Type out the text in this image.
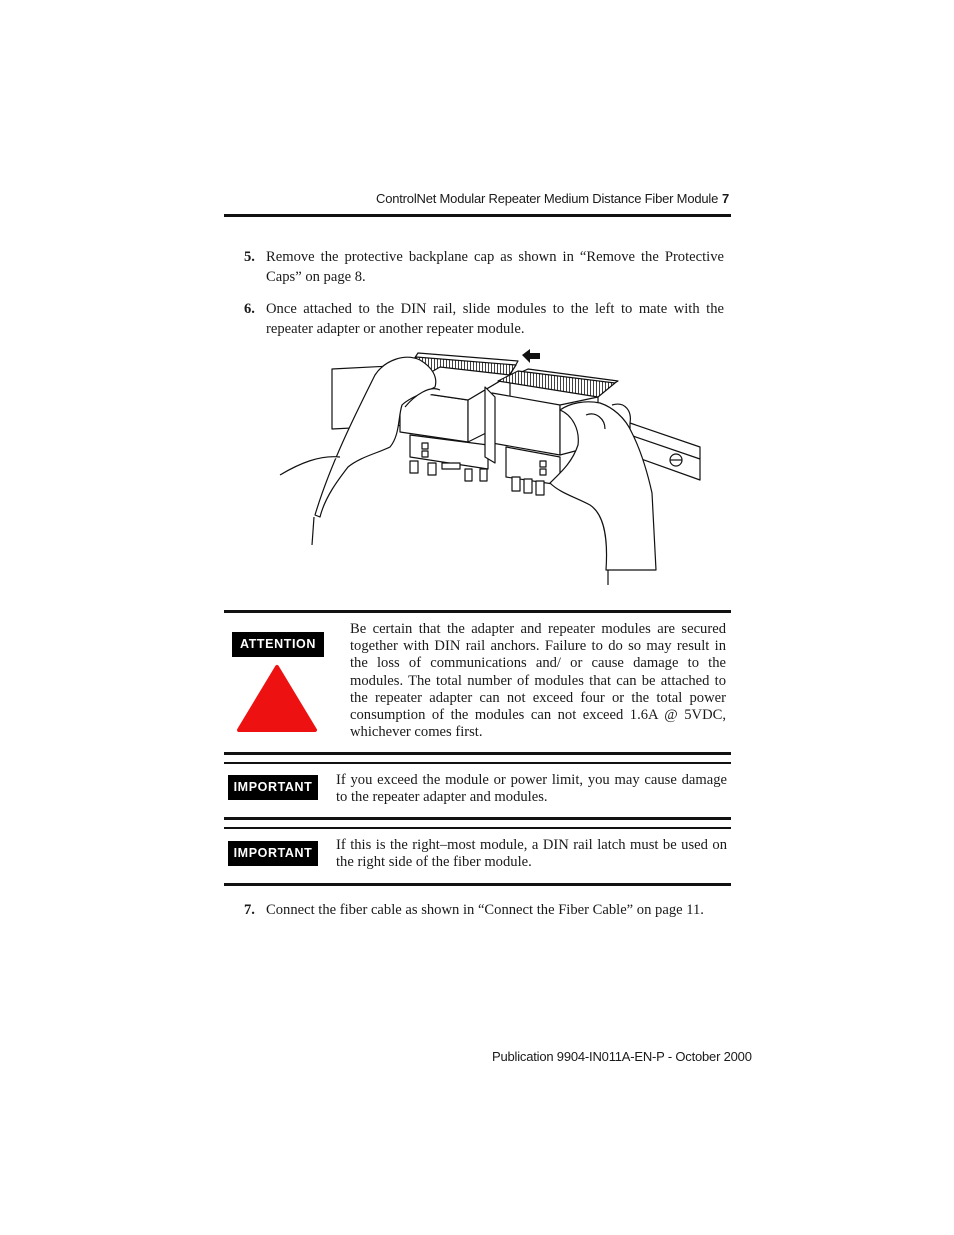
ControlNet Modular Repeater Medium Distance Fiber Module 7
5. Remove the protective backplane cap as shown in “Remove the Protective Caps” on page 8.
6. Once attached to the DIN rail, slide modules to the left to mate with the repeater adapter or another repeater module.
ATTENTION
Be certain that the adapter and repeater modules are secured together with DIN rail anchors. Failure to do so may result in the loss of communications and/ or cause damage to the modules. The total number of modules that can be attached to the repeater adapter can not exceed four or the total power consumption of the modules can not exceed 1.6A @ 5VDC, whichever comes first.
IMPORTANT	If you exceed the module or power limit, you may cause damage to the repeater adapter and modules.
IMPORTANT	If this is the right–most module, a DIN rail latch must be used on the right side of the fiber module.
7. Connect the fiber cable as shown in “Connect the Fiber Cable” on page 11.
Publication 9904-IN011A-EN-P - October 2000
